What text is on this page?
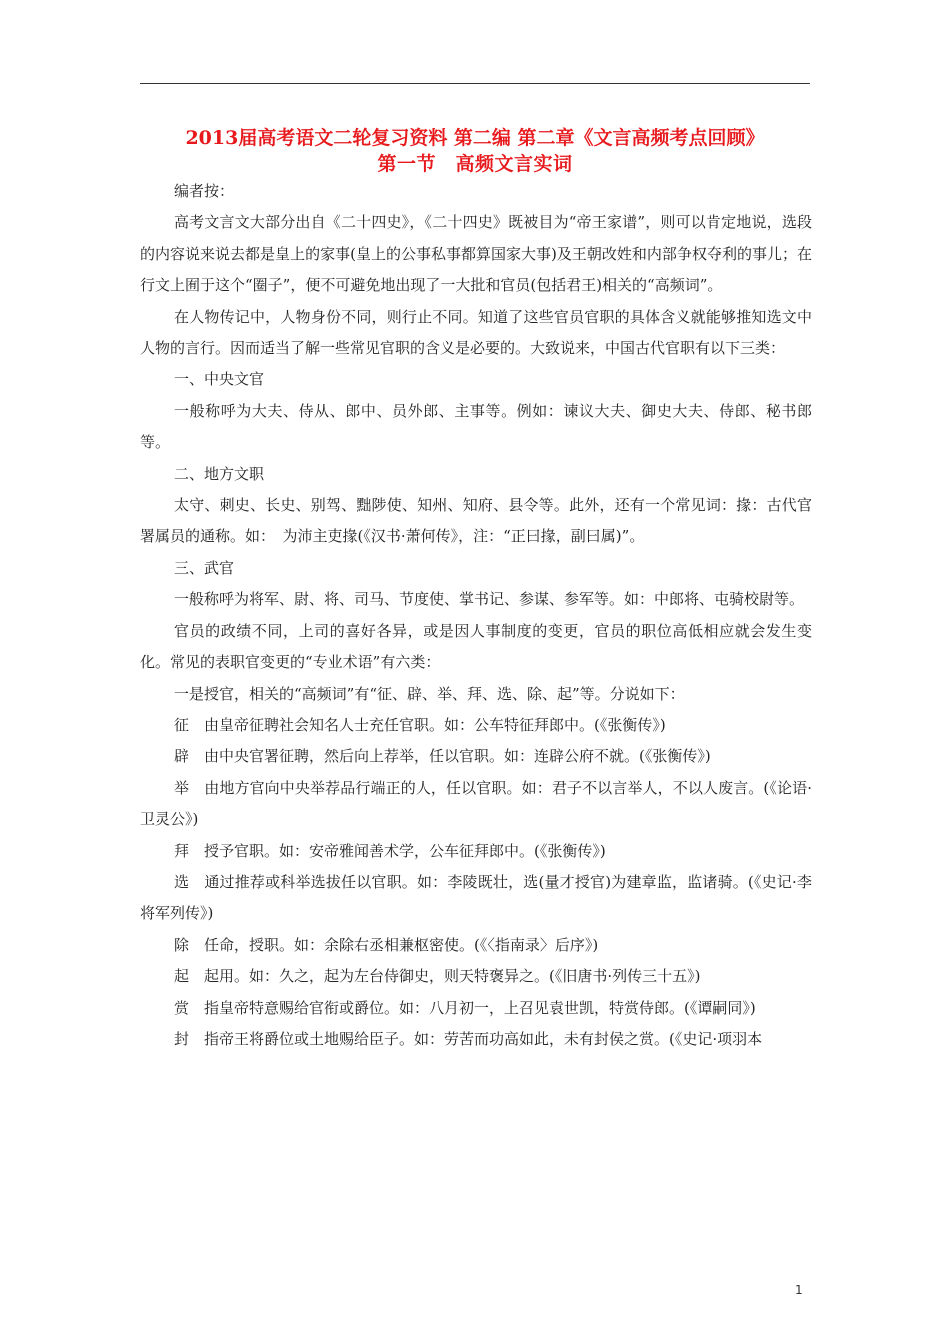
2013届高考语文二轮复习资料 第二编 第二章《文言高频考点回顾》
第一节　高频文言实词

编者按：

高考文言文大部分出自《二十四史》，《二十四史》既被目为“帝王家谱”，则可以肯定地说，选段的内容说来说去都是皇上的家事(皇上的公事私事都算国家大事)及王朝改姓和内部争权夺利的事儿；在行文上囿于这个“圈子”，便不可避免地出现了一大批和官员(包括君王)相关的“高频词”。

在人物传记中，人物身份不同，则行止不同。知道了这些官员官职的具体含义就能够推知选文中人物的言行。因而适当了解一些常见官职的含义是必要的。大致说来，中国古代官职有以下三类：

一、中央文官

一般称呼为大夫、侍从、郎中、员外郎、主事等。例如：谏议大夫、御史大夫、侍郎、秘书郎等。

二、地方文职

太守、刺史、长史、别驾、黜陟使、知州、知府、县令等。此外，还有一个常见词：掾：古代官署属员的通称。如：　为沛主吏掾(《汉书·萧何传》，注：“正曰掾，副曰属)”。

三、武官

一般称呼为将军、尉、将、司马、节度使、掌书记、参谋、参军等。如：中郎将、屯骑校尉等。

官员的政绩不同，上司的喜好各异，或是因人事制度的变更，官员的职位高低相应就会发生变化。常见的表职官变更的“专业术语”有六类：

一是授官，相关的“高频词”有“征、辟、举、拜、选、除、起”等。分说如下：

征　由皇帝征聘社会知名人士充任官职。如：公车特征拜郎中。(《张衡传》)

辟　由中央官署征聘，然后向上荐举，任以官职。如：连辟公府不就。(《张衡传》)

举　由地方官向中央举荐品行端正的人，任以官职。如：君子不以言举人，不以人废言。(《论语·卫灵公》)

拜　授予官职。如：安帝雅闻善术学，公车征拜郎中。(《张衡传》)

选　通过推荐或科举选拔任以官职。如：李陵既壮，选(量才授官)为建章监，监诸骑。(《史记·李将军列传》)

除　任命，授职。如：余除右丞相兼枢密使。(《〈指南录〉后序》)

起　起用。如：久之，起为左台侍御史，则天特褒异之。(《旧唐书·列传三十五》)

赏　指皇帝特意赐给官衔或爵位。如：八月初一，上召见袁世凯，特赏侍郎。(《谭嗣同》)

封　指帝王将爵位或土地赐给臣子。如：劳苦而功高如此，未有封侯之赏。(《史记·项羽本

1
